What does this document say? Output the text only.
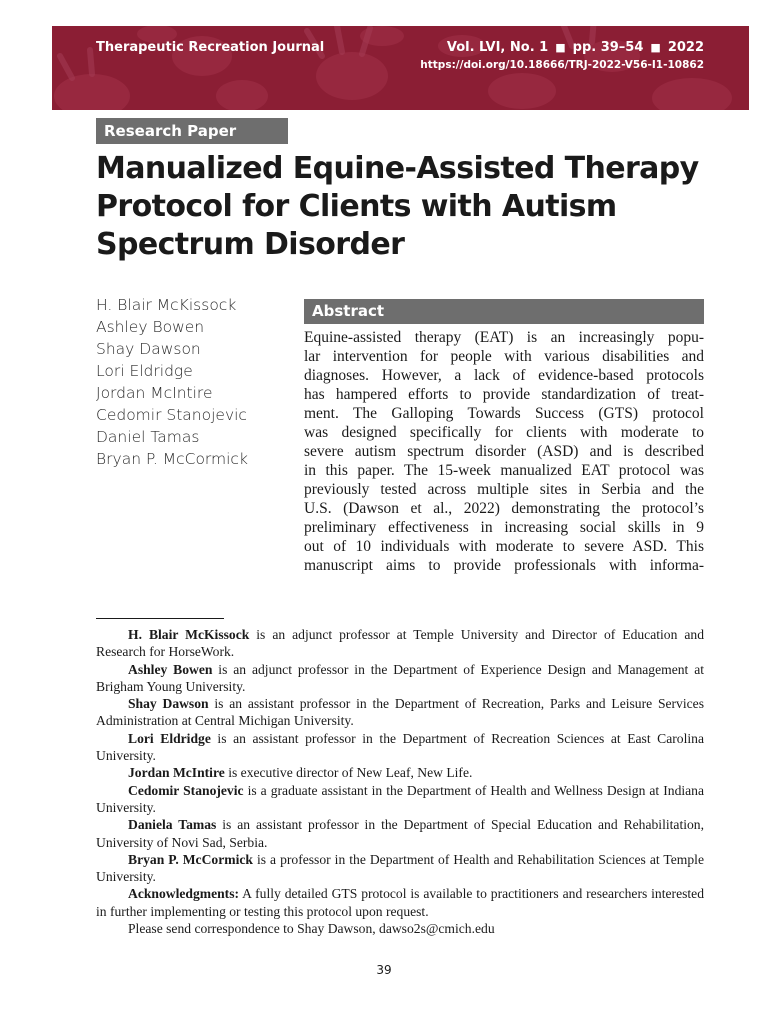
Therapeutic Recreation Journal	Vol. LVI, No. 1 ■ pp. 39–54 ■ 2022
https://doi.org/10.18666/TRJ-2022-V56-I1-10862
Research Paper
Manualized Equine-Assisted Therapy Protocol for Clients with Autism Spectrum Disorder
H. Blair McKissock
Ashley Bowen
Shay Dawson
Lori Eldridge
Jordan McIntire
Cedomir Stanojevic
Daniel Tamas
Bryan P. McCormick
Abstract
Equine-assisted therapy (EAT) is an increasingly popu-
lar intervention for people with various disabilities and
diagnoses. However, a lack of evidence-based protocols
has hampered efforts to provide standardization of treat-
ment. The Galloping Towards Success (GTS) protocol
was designed specifically for clients with moderate to
severe autism spectrum disorder (ASD) and is described
in this paper. The 15-week manualized EAT protocol was
previously tested across multiple sites in Serbia and the
U.S. (Dawson et al., 2022) demonstrating the protocol’s
preliminary effectiveness in increasing social skills in 9
out of 10 individuals with moderate to severe ASD. This
manuscript aims to provide professionals with informa-

H. Blair McKissock is an adjunct professor at Temple University and Director of Education and Research for HorseWork.

Ashley Bowen is an adjunct professor in the Department of Experience Design and Management at Brigham Young University.

Shay Dawson is an assistant professor in the Department of Recreation, Parks and Leisure Services Administration at Central Michigan University.

Lori Eldridge is an assistant professor in the Department of Recreation Sciences at East Carolina University.

Jordan McIntire is executive director of New Leaf, New Life.

Cedomir Stanojevic is a graduate assistant in the Department of Health and Wellness Design at Indiana University.

Daniela Tamas is an assistant professor in the Department of Special Education and Rehabilitation, University of Novi Sad, Serbia.

Bryan P. McCormick is a professor in the Department of Health and Rehabilitation Sciences at Temple University.

Acknowledgments: A fully detailed GTS protocol is available to practitioners and researchers interested in further implementing or testing this protocol upon request.

Please send correspondence to Shay Dawson, dawso2s@cmich.edu

39
